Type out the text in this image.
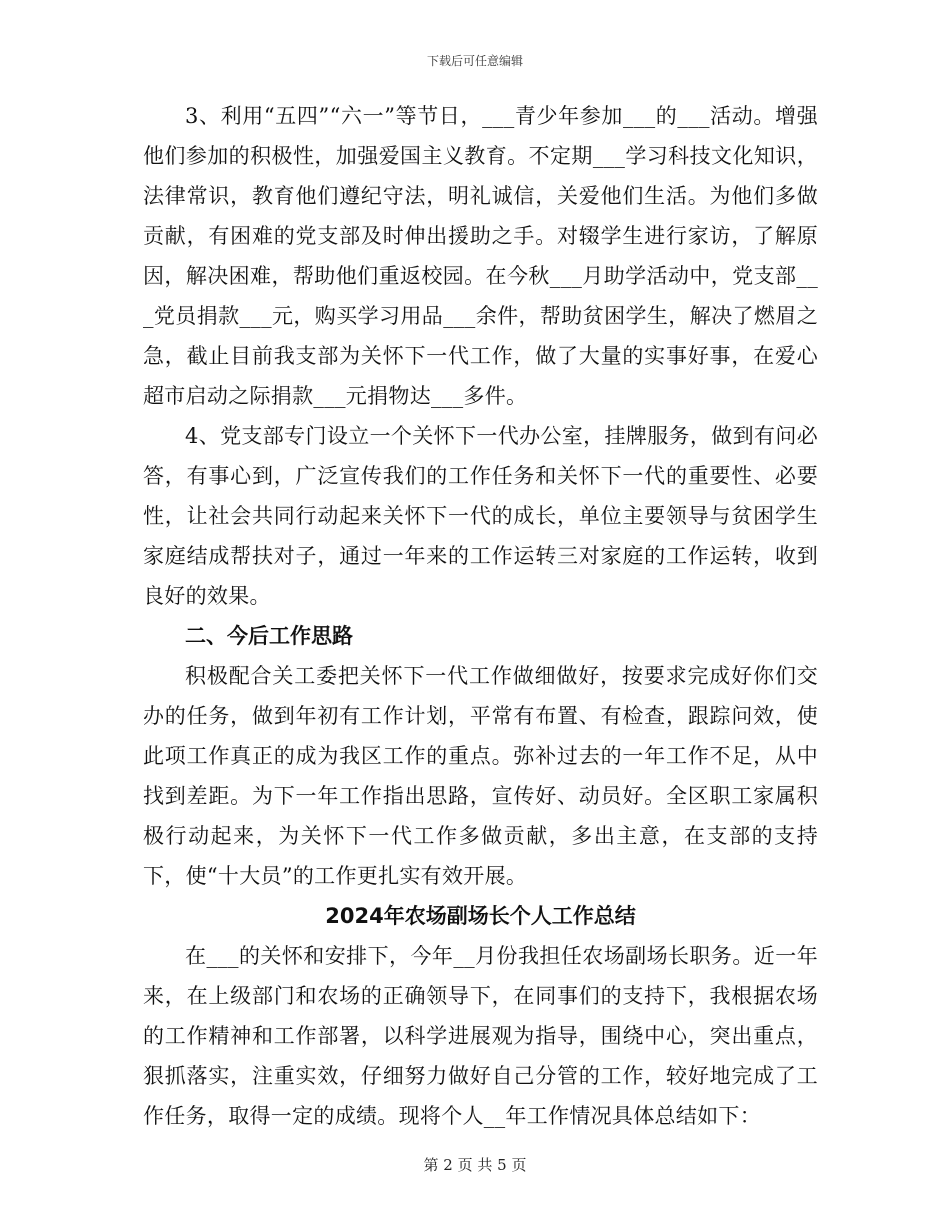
下载后可任意编辑

3、利用“五四”“六一”等节日，___青少年参加___的___活动。增强他们参加的积极性，加强爱国主义教育。不定期___学习科技文化知识，法律常识，教育他们遵纪守法，明礼诚信，关爱他们生活。为他们多做贡献，有困难的党支部及时伸出援助之手。对辍学生进行家访，了解原因，解决困难，帮助他们重返校园。在今秋___月助学活动中，党支部___党员捐款___元，购买学习用品___余件，帮助贫困学生，解决了燃眉之急，截止目前我支部为关怀下一代工作，做了大量的实事好事，在爱心超市启动之际捐款___元捐物达___多件。

4、党支部专门设立一个关怀下一代办公室，挂牌服务，做到有问必答，有事心到，广泛宣传我们的工作任务和关怀下一代的重要性、必要性，让社会共同行动起来关怀下一代的成长，单位主要领导与贫困学生家庭结成帮扶对子，通过一年来的工作运转三对家庭的工作运转，收到良好的效果。

二、今后工作思路

积极配合关工委把关怀下一代工作做细做好，按要求完成好你们交办的任务，做到年初有工作计划，平常有布置、有检查，跟踪问效，使此项工作真正的成为我区工作的重点。弥补过去的一年工作不足，从中找到差距。为下一年工作指出思路，宣传好、动员好。全区职工家属积极行动起来，为关怀下一代工作多做贡献，多出主意，在支部的支持下，使“十大员”的工作更扎实有效开展。

2024年农场副场长个人工作总结

在___的关怀和安排下，今年__月份我担任农场副场长职务。近一年来，在上级部门和农场的正确领导下，在同事们的支持下，我根据农场的工作精神和工作部署，以科学进展观为指导，围绕中心，突出重点，狠抓落实，注重实效，仔细努力做好自己分管的工作，较好地完成了工作任务，取得一定的成绩。现将个人__年工作情况具体总结如下：

第 2 页 共 5 页
